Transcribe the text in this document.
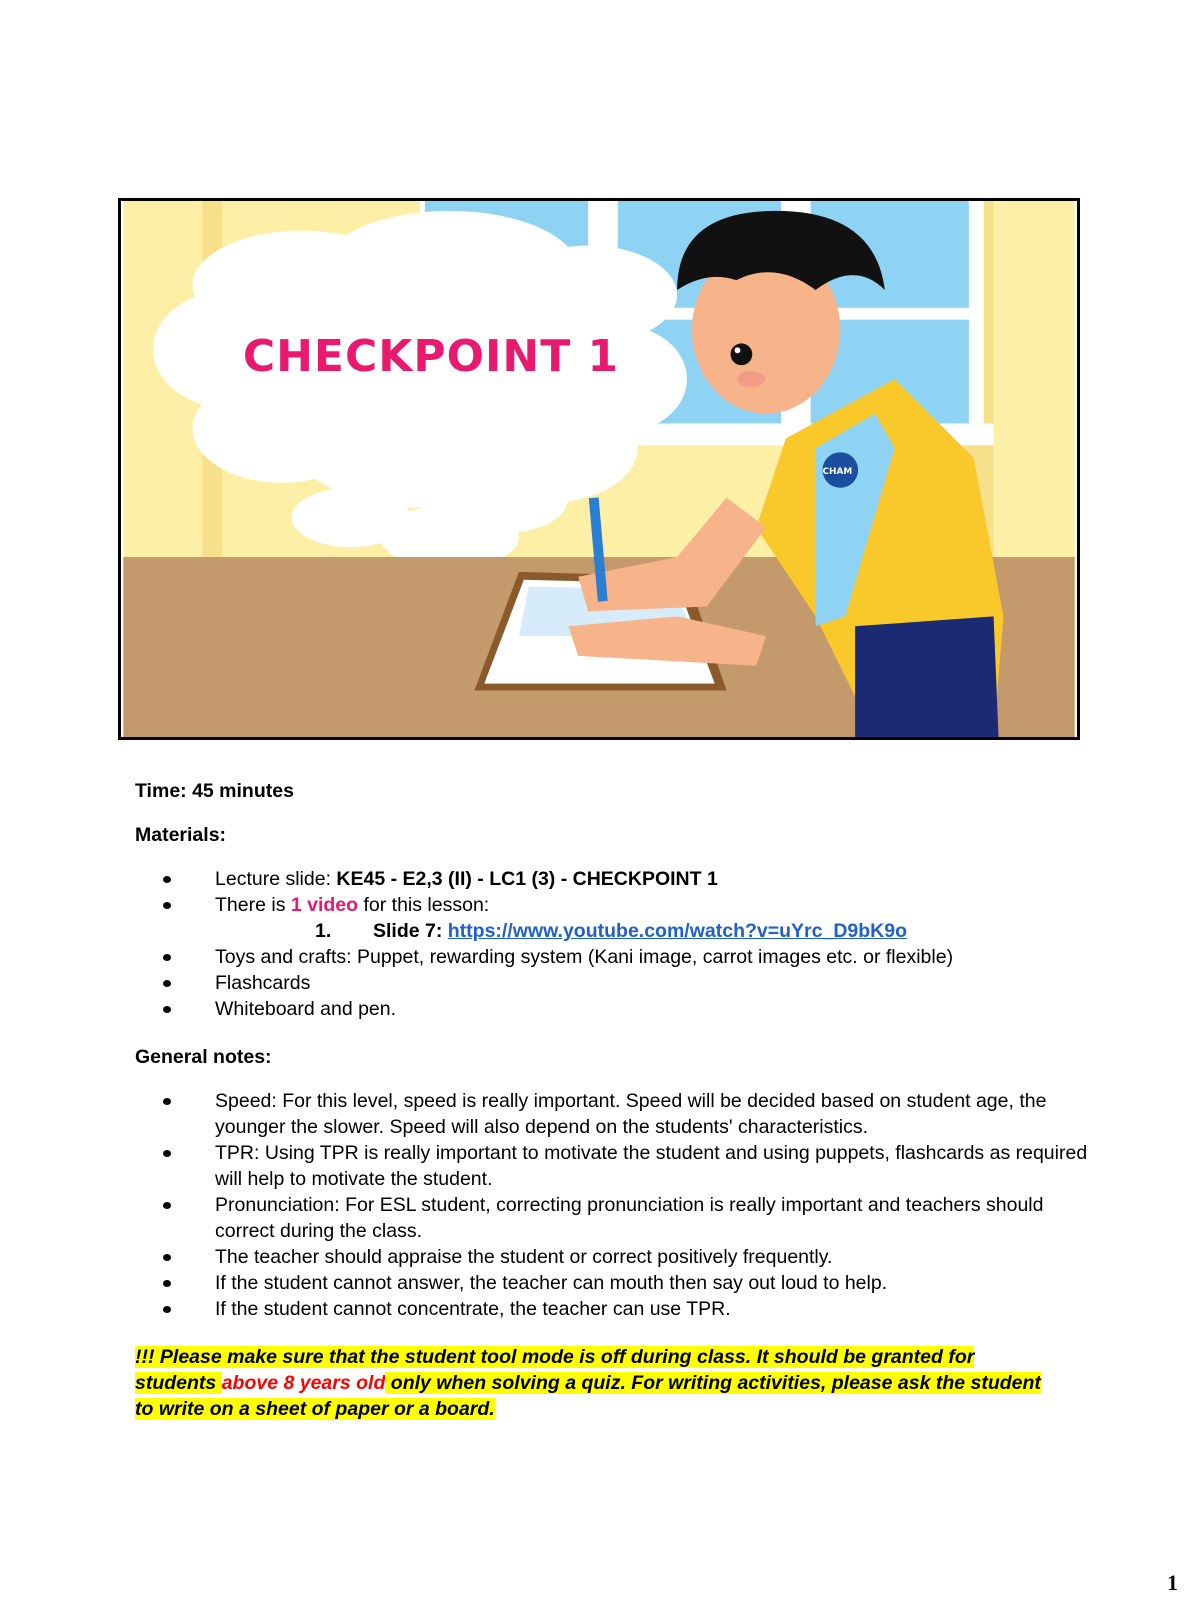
CHAM
CHECKPOINT 1

Time: 45 minutes

Materials:

Lecture slide: KE45 - E2,3 (II) - LC1 (3) - CHECKPOINT 1
There is 1 video for this lesson:
1. Slide 7: https://www.youtube.com/watch?v=uYrc_D9bK9o
Toys and crafts: Puppet, rewarding system (Kani image, carrot images etc. or flexible)
Flashcards
Whiteboard and pen.

General notes:

Speed: For this level, speed is really important. Speed will be decided based on student age, the younger the slower. Speed will also depend on the students' characteristics.
TPR: Using TPR is really important to motivate the student and using puppets, flashcards as required will help to motivate the student.
Pronunciation: For ESL student, correcting pronunciation is really important and teachers should correct during the class.
The teacher should appraise the student or correct positively frequently.
If the student cannot answer, the teacher can mouth then say out loud to help.
If the student cannot concentrate, the teacher can use TPR.

!!! Please make sure that the student tool mode is off during class. It should be granted for students above 8 years old only when solving a quiz. For writing activities, please ask the student to write on a sheet of paper or a board.

1
